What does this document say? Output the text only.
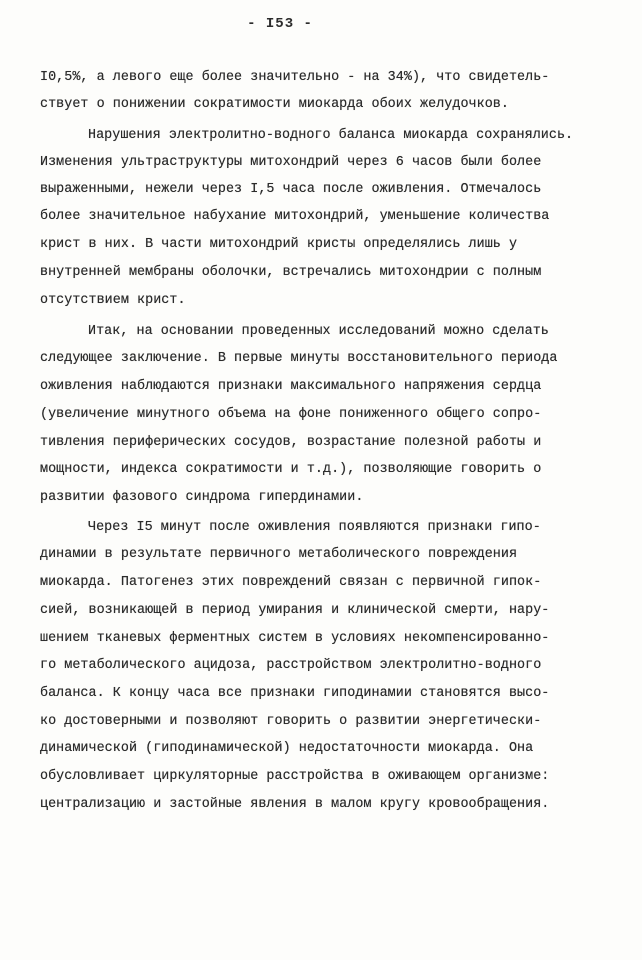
- I53 -
I0,5%, а левого еще более значительно - на 34%), что свидетель-
ствует о понижении сократимости миокарда обоих желудочков.
Нарушения электролитно-водного баланса миокарда сохранялись.
Изменения ультраструктуры митохондрий через 6 часов были более
выраженными, нежели через I,5 часа после оживления. Отмечалось
более значительное набухание митохондрий, уменьшение количества
крист в них. В части митохондрий кристы определялись лишь у
внутренней мембраны оболочки, встречались митохондрии с полным
отсутствием крист.
Итак, на основании проведенных исследований можно сделать
следующее заключение. В первые минуты восстановительного периода
оживления наблюдаются признаки максимального напряжения сердца
(увеличение минутного объема на фоне пониженного общего сопро-
тивления периферических сосудов, возрастание полезной работы и
мощности, индекса сократимости и т.д.), позволяющие говорить о
развитии фазового синдрома гипердинамии.
Через I5 минут после оживления появляются признаки гипо-
динамии в результате первичного метаболического повреждения
миокарда. Патогенез этих повреждений связан с первичной гипок-
сией, возникающей в период умирания и клинической смерти, нару-
шением тканевых ферментных систем в условиях некомпенсированно-
го метаболического ацидоза, расстройством электролитно-водного
баланса. К концу часа все признаки гиподинамии становятся высо-
ко достоверными и позволяют говорить о развитии энергетически-
динамической (гиподинамической) недостаточности миокарда. Она
обусловливает циркуляторные расстройства в оживающем организме:
централизацию и застойные явления в малом кругу кровообращения.
